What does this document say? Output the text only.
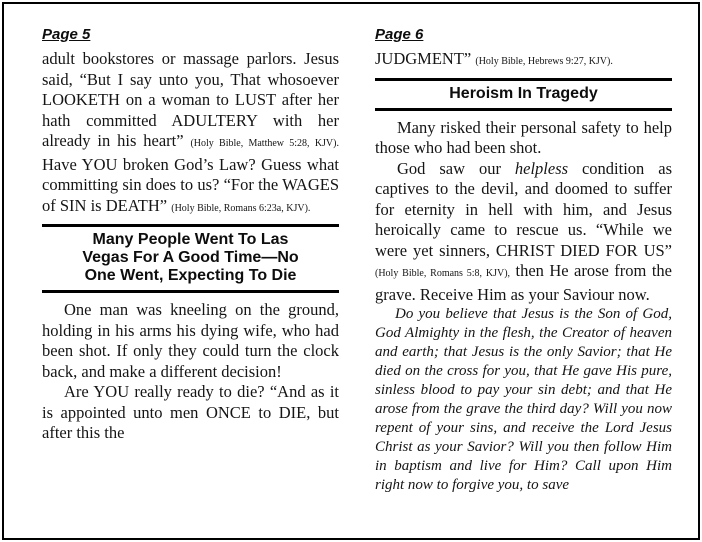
Page 5

adult bookstores or massage parlors. Jesus said, “But I say unto you, That whosoever LOOKETH on a woman to LUST after her hath committed ADULTERY with her already in his heart” (Holy Bible, Matthew 5:28, KJV). Have YOU broken God’s Law? Guess what committing sin does to us? “For the WAGES of SIN is DEATH” (Holy Bible, Romans 6:23a, KJV).

Many People Went To Las
Vegas For A Good Time—No
One Went, Expecting To Die

One man was kneeling on the ground, holding in his arms his dying wife, who had been shot. If only they could turn the clock back, and make a different decision!

Are YOU really ready to die? “And as it is appointed unto men ONCE to DIE, but after this the

Page 6

JUDGMENT” (Holy Bible, Hebrews 9:27, KJV).

Heroism In Tragedy

Many risked their personal safety to help those who had been shot.

God saw our helpless condition as captives to the devil, and doomed to suffer for eternity in hell with him, and Jesus heroically came to rescue us. “While we were yet sinners, CHRIST DIED FOR US” (Holy Bible, Romans 5:8, KJV), then He arose from the grave. Receive Him as your Saviour now.

Do you believe that Jesus is the Son of God, God Almighty in the flesh, the Creator of heaven and earth; that Jesus is the only Savior; that He died on the cross for you, that He gave His pure, sinless blood to pay your sin debt; and that He arose from the grave the third day? Will you now repent of your sins, and receive the Lord Jesus Christ as your Savior? Will you then follow Him in baptism and live for Him? Call upon Him right now to forgive you, to save
